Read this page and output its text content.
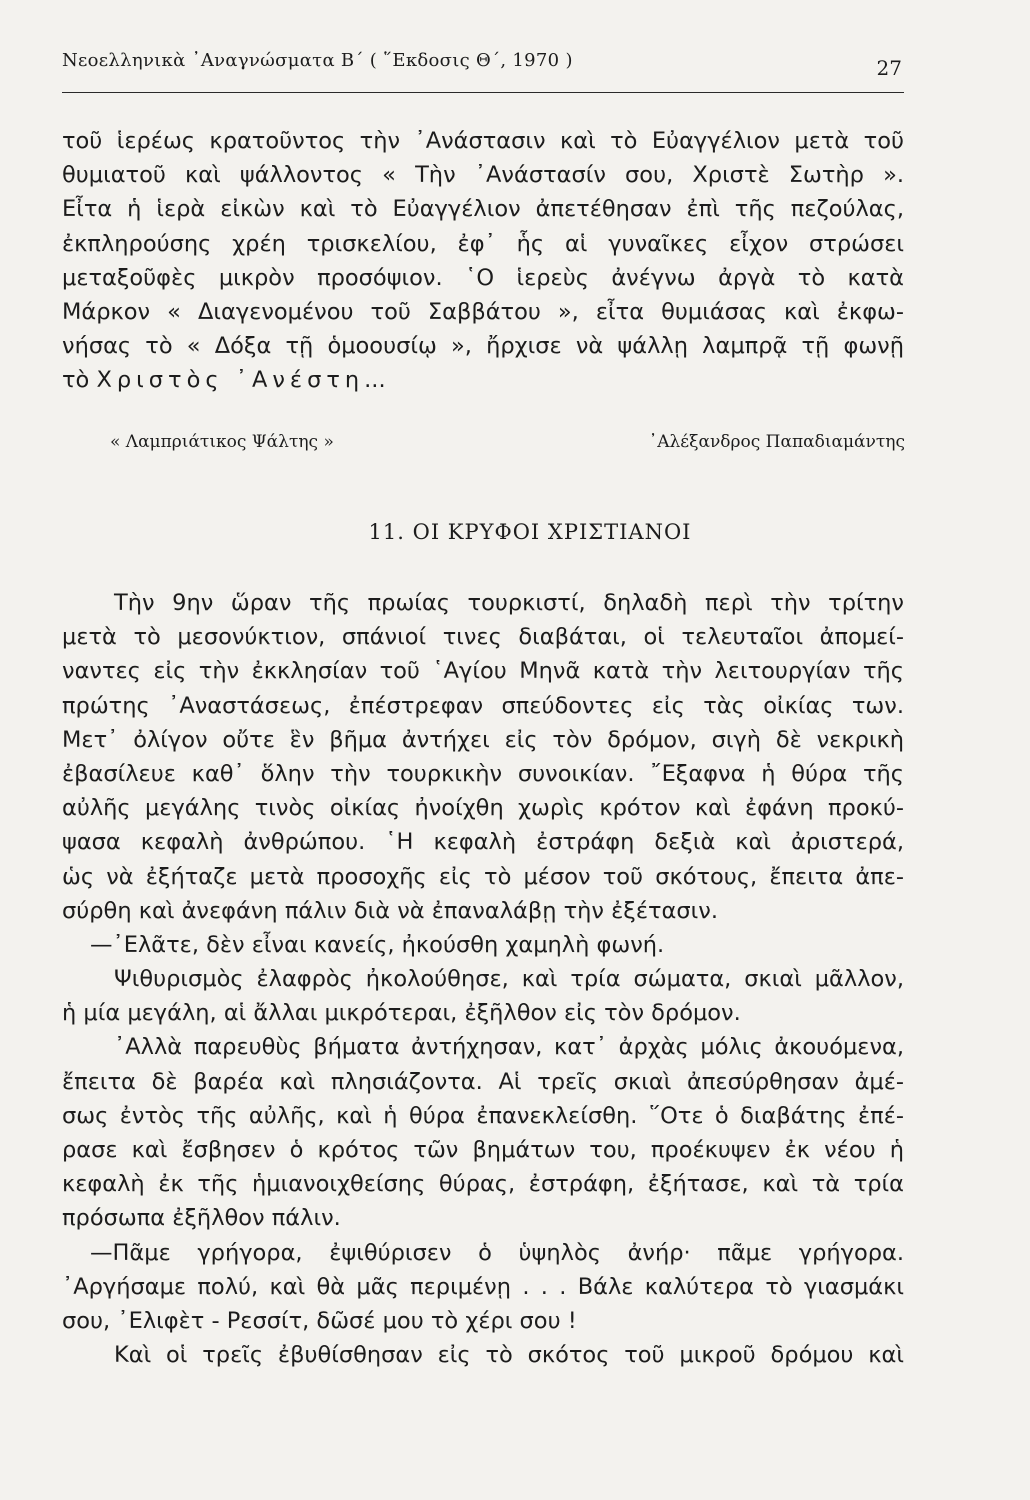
Νεοελληνικὰ ᾿Αναγνώσματα Β΄ ( ῞Εκδοσις Θ΄, 1970 )	27
τοῦ ἱερέως κρατοῦντος τὴν ᾿Ανάστασιν καὶ τὸ Εὐαγγέλιον μετὰ τοῦ
θυμιατοῦ καὶ ψάλλοντος « Τὴν ᾿Ανάστασίν σου, Χριστὲ Σωτὴρ ».
Εἶτα ἡ ἱερὰ εἰκὼν καὶ τὸ Εὐαγγέλιον ἀπετέθησαν ἐπὶ τῆς πεζούλας,
ἐκπληρούσης χρέη τρισκελίου, ἐφ᾿ ἧς αἱ γυναῖκες εἶχον στρώσει
μεταξοῦφὲς μικρὸν προσόψιον. ῾Ο ἱερεὺς ἀνέγνω ἀργὰ τὸ κατὰ
Μάρκον « Διαγενομένου τοῦ Σαββάτου », εἶτα θυμιάσας καὶ ἐκφω-
νήσας τὸ « Δόξα τῇ ὁμοουσίῳ », ἤρχισε νὰ ψάλλῃ λαμπρᾷ τῇ φωνῇ
τὸ Χριστὸς ᾿Ανέστη...
« Λαμπριάτικος Ψάλτης »	᾿Αλέξανδρος Παπαδιαμάντης
11. ΟΙ ΚΡΥΦΟΙ ΧΡΙΣΤΙΑΝΟΙ
Τὴν 9ην ὥραν τῆς πρωίας τουρκιστί, δηλαδὴ περὶ τὴν τρίτην
μετὰ τὸ μεσονύκτιον, σπάνιοί τινες διαβάται, οἱ τελευταῖοι ἀπομεί-
ναντες εἰς τὴν ἐκκλησίαν τοῦ ῾Αγίου Μηνᾶ κατὰ τὴν λειτουργίαν τῆς
πρώτης ᾿Αναστάσεως, ἐπέστρεφαν σπεύδοντες εἰς τὰς οἰκίας των.
Μετ᾿ ὀλίγον οὔτε ἓν βῆμα ἀντήχει εἰς τὸν δρόμον, σιγὴ δὲ νεκρικὴ
ἐβασίλευε καθ᾿ ὅλην τὴν τουρκικὴν συνοικίαν. ῎Εξαφνα ἡ θύρα τῆς
αὐλῆς μεγάλης τινὸς οἰκίας ἠνοίχθη χωρὶς κρότον καὶ ἐφάνη προκύ-
ψασα κεφαλὴ ἀνθρώπου. ῾Η κεφαλὴ ἐστράφη δεξιὰ καὶ ἀριστερά,
ὡς νὰ ἐξήταζε μετὰ προσοχῆς εἰς τὸ μέσον τοῦ σκότους, ἔπειτα ἀπε-
σύρθη καὶ ἀνεφάνη πάλιν διὰ νὰ ἐπαναλάβῃ τὴν ἐξέτασιν.
—᾿Ελᾶτε, δὲν εἶναι κανείς, ἠκούσθη χαμηλὴ φωνή.
Ψιθυρισμὸς ἐλαφρὸς ἠκολούθησε, καὶ τρία σώματα, σκιαὶ μᾶλλον,
ἡ μία μεγάλη, αἱ ἄλλαι μικρότεραι, ἐξῆλθον εἰς τὸν δρόμον.
᾿Αλλὰ παρευθὺς βήματα ἀντήχησαν, κατ᾿ ἀρχὰς μόλις ἀκουόμενα,
ἔπειτα δὲ βαρέα καὶ πλησιάζοντα. Αἱ τρεῖς σκιαὶ ἀπεσύρθησαν ἀμέ-
σως ἐντὸς τῆς αὐλῆς, καὶ ἡ θύρα ἐπανεκλείσθη. ῞Οτε ὁ διαβάτης ἐπέ-
ρασε καὶ ἔσβησεν ὁ κρότος τῶν βημάτων του, προέκυψεν ἐκ νέου ἡ
κεφαλὴ ἐκ τῆς ἡμιανοιχθείσης θύρας, ἐστράφη, ἐξήτασε, καὶ τὰ τρία
πρόσωπα ἐξῆλθον πάλιν.
—Πᾶμε γρήγορα, ἐψιθύρισεν ὁ ὑψηλὸς ἀνήρ· πᾶμε γρήγορα.
᾿Αργήσαμε πολύ, καὶ θὰ μᾶς περιμένῃ . . . Βάλε καλύτερα τὸ γιασμάκι
σου, ᾿Ελιφὲτ - Ρεσσίτ, δῶσέ μου τὸ χέρι σου !
Καὶ οἱ τρεῖς ἐβυθίσθησαν εἰς τὸ σκότος τοῦ μικροῦ δρόμου καὶ
